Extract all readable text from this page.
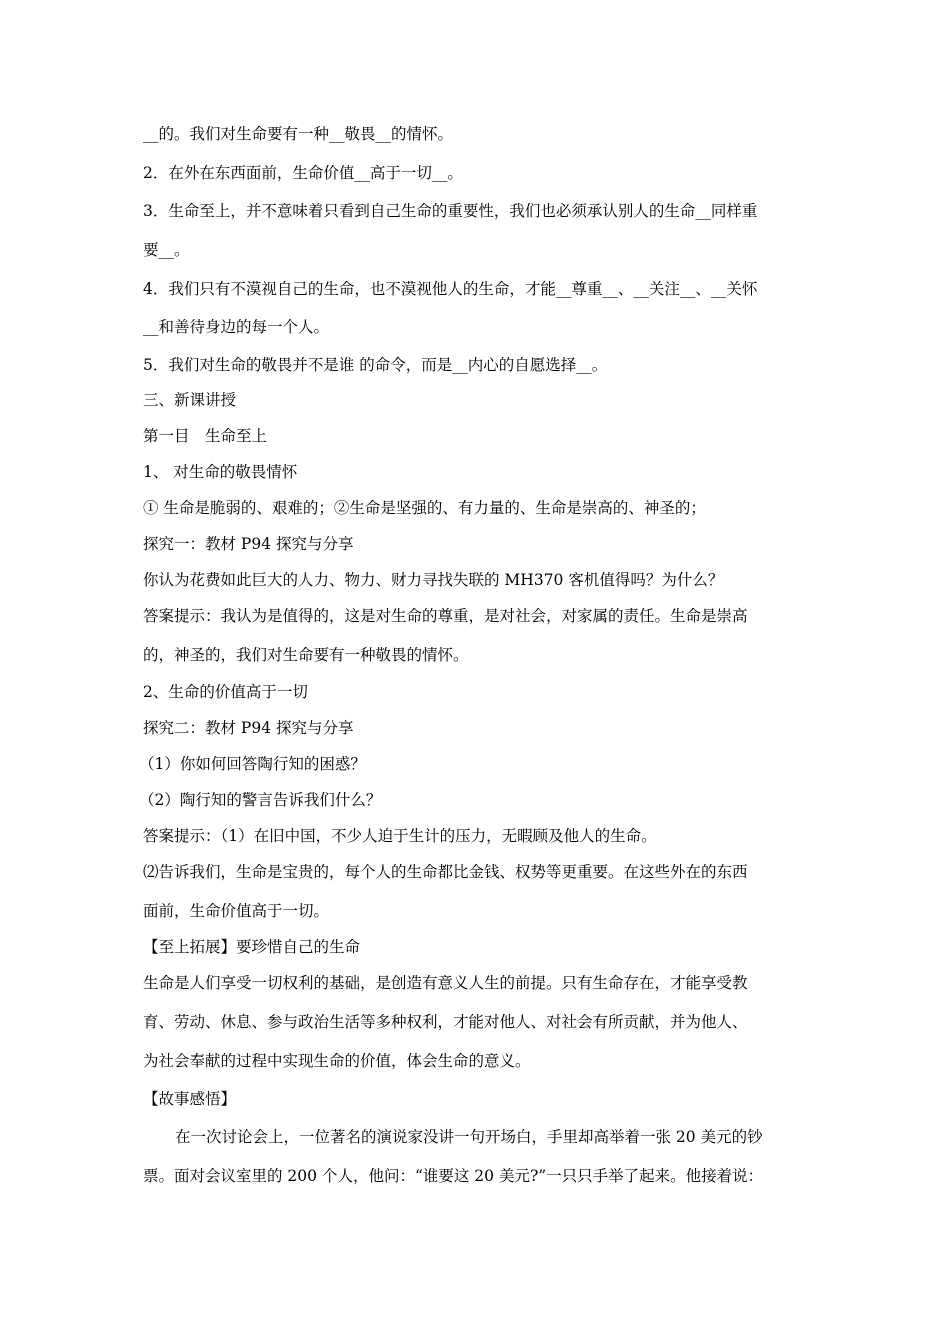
__的。我们对生命要有一种__敬畏__的情怀。
2．在外在东西面前，生命价值__高于一切__。
3．生命至上，并不意味着只看到自己生命的重要性，我们也必须承认别人的生命__同样重
要__。
4．我们只有不漠视自己的生命，也不漠视他人的生命，才能__尊重__、__关注__、__关怀
__和善待身边的每一个人。
5．我们对生命的敬畏并不是谁 的命令，而是__内心的自愿选择__。
三、新课讲授
第一目　生命至上
1、 对生命的敬畏情怀
① 生命是脆弱的、艰难的；②生命是坚强的、有力量的、生命是崇高的、神圣的；
探究一：教材 P94 探究与分享
你认为花费如此巨大的人力、物力、财力寻找失联的 MH370 客机值得吗？为什么？
答案提示：我认为是值得的，这是对生命的尊重，是对社会，对家属的责任。生命是崇高
的，神圣的，我们对生命要有一种敬畏的情怀。
2、生命的价值高于一切
探究二：教材 P94 探究与分享
（1）你如何回答陶行知的困惑？
（2）陶行知的警言告诉我们什么？
答案提示：（1）在旧中国，不少人迫于生计的压力，无暇顾及他人的生命。
⑵告诉我们，生命是宝贵的，每个人的生命都比金钱、权势等更重要。在这些外在的东西
面前，生命价值高于一切。
【至上拓展】要珍惜自己的生命
生命是人们享受一切权利的基础，是创造有意义人生的前提。只有生命存在，才能享受教
育、劳动、休息、参与政治生活等多种权利，才能对他人、对社会有所贡献，并为他人、
为社会奉献的过程中实现生命的价值，体会生命的意义。
【故事感悟】
在一次讨论会上，一位著名的演说家没讲一句开场白，手里却高举着一张 20 美元的钞
票。面对会议室里的 200 个人，他问：“谁要这 20 美元?”一只只手举了起来。他接着说：
